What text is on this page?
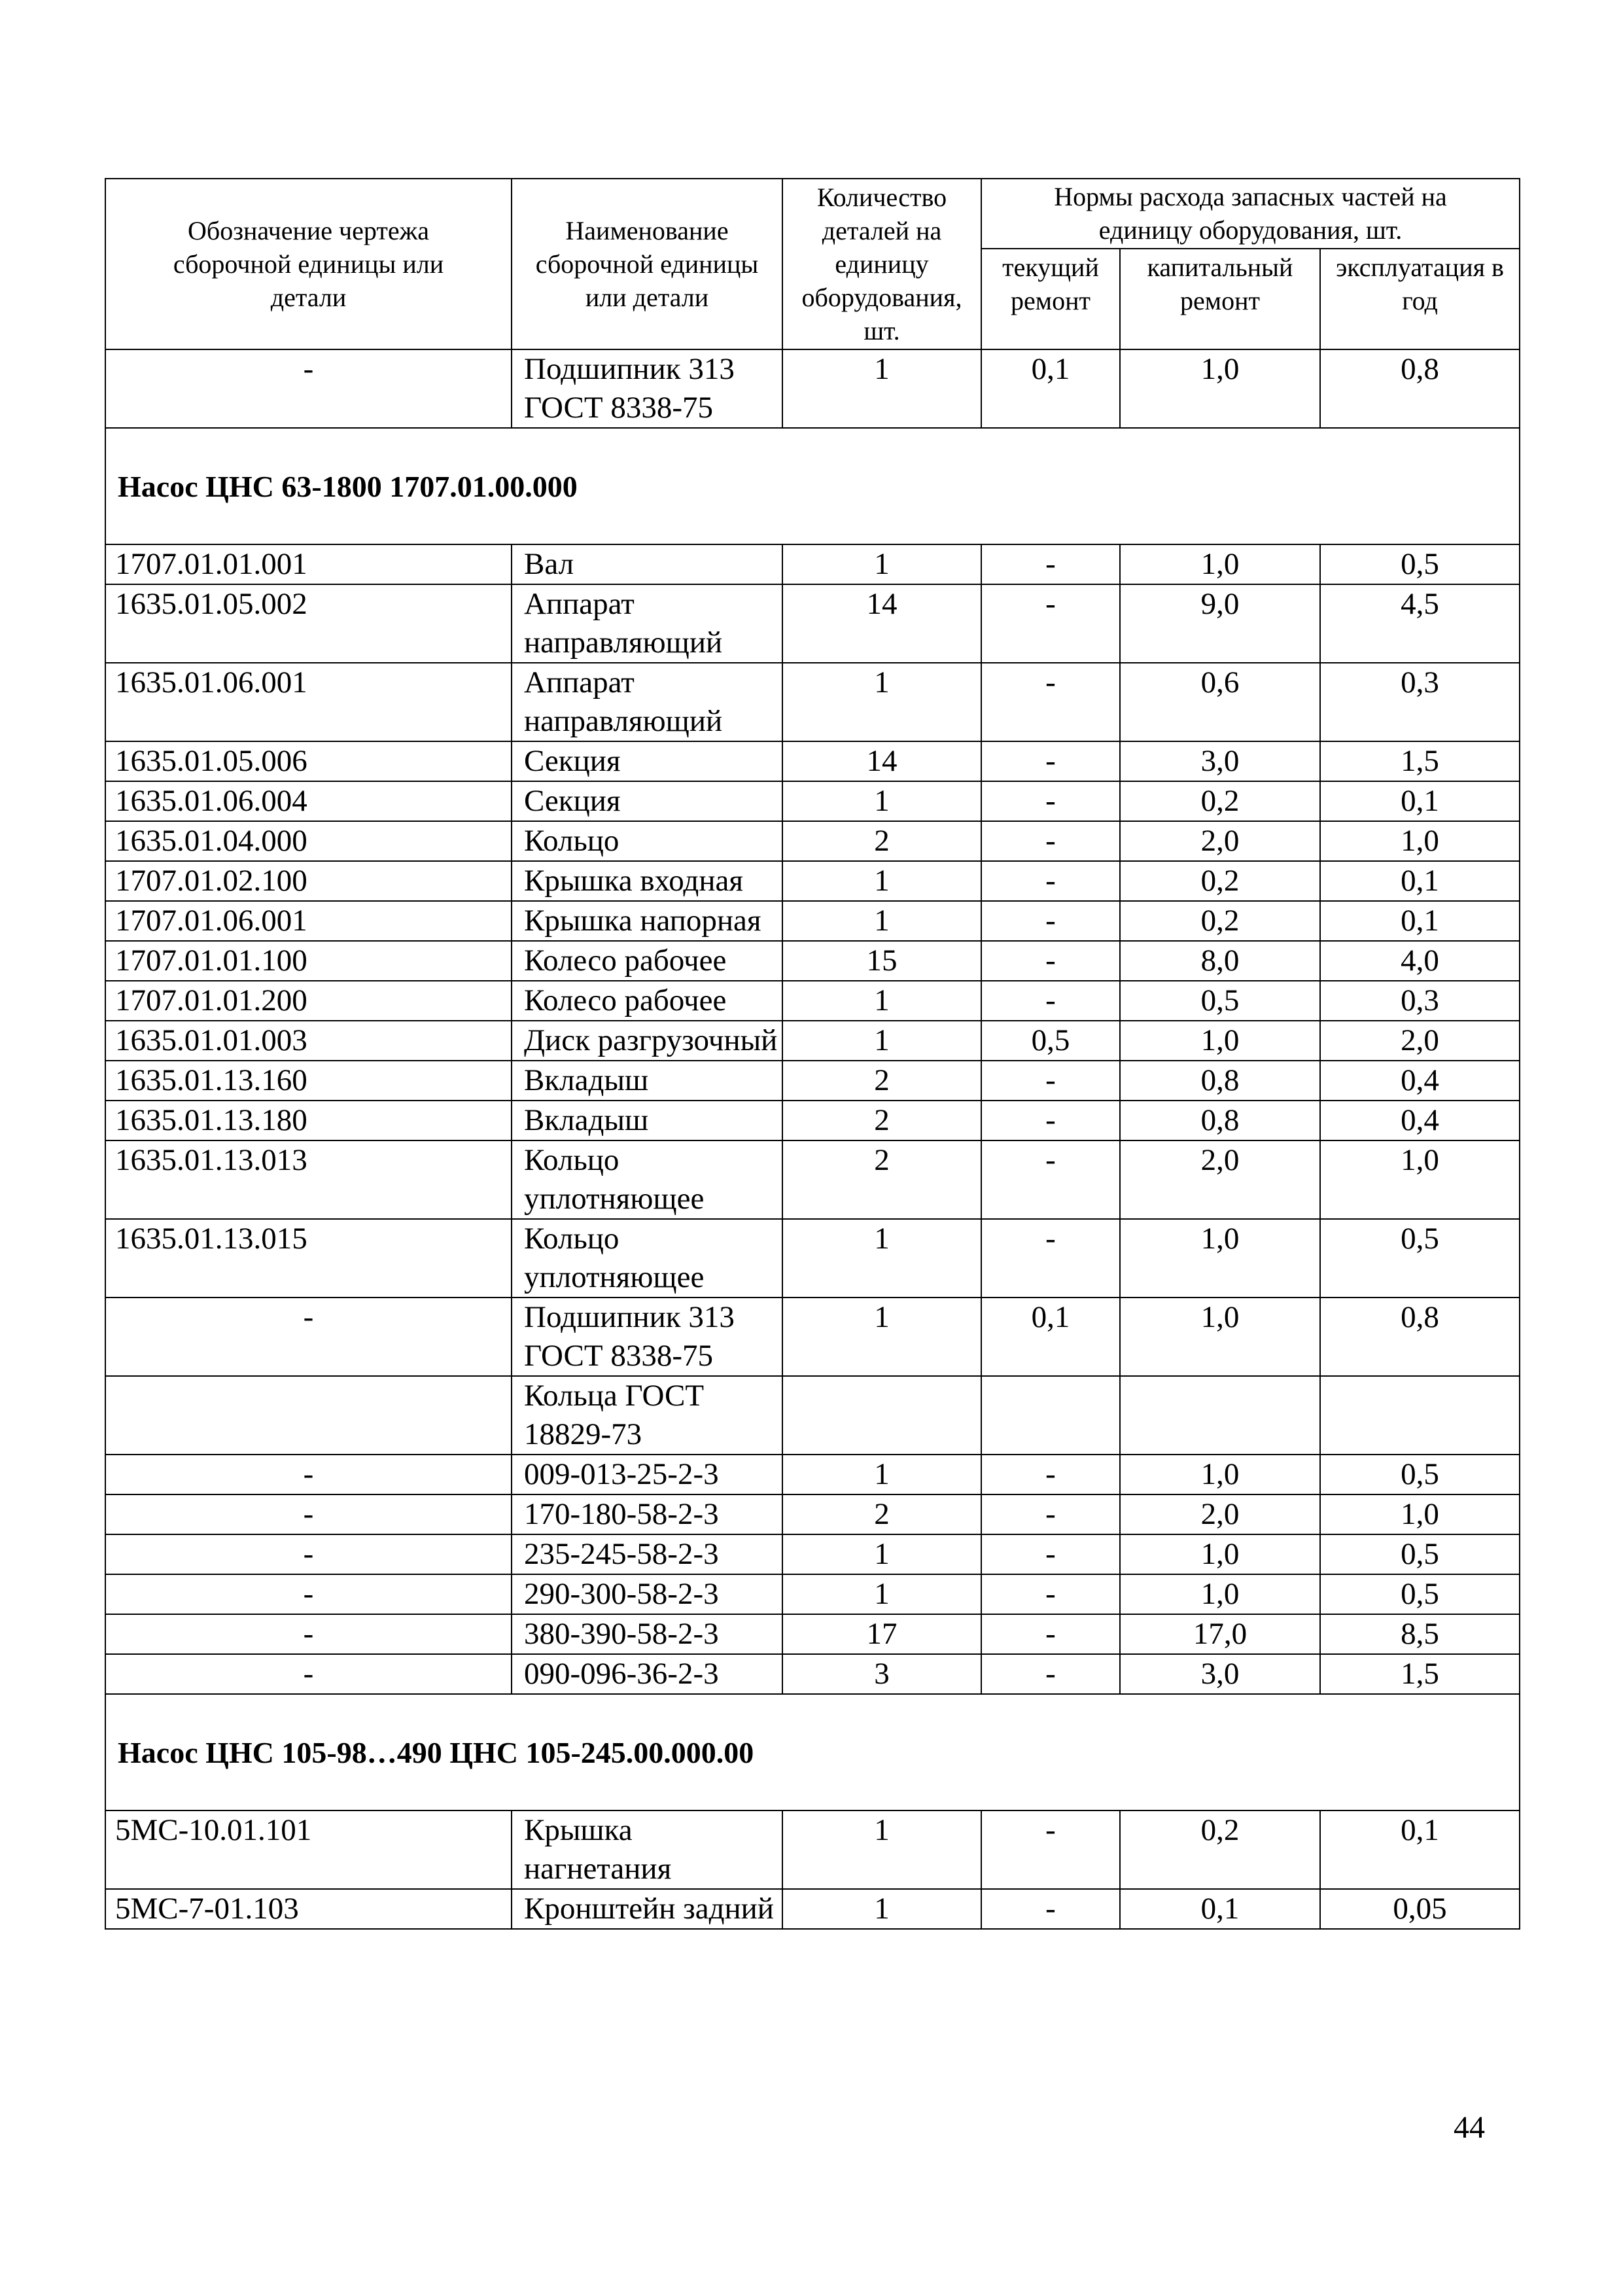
Обозначение чертежа сборочной единицы или детали	Наименование сборочной единицы или детали	Количество деталей на единицу оборудования, шт.	Нормы расхода запасных частей на единицу оборудования, шт.		
			текущий ремонт	капитальный ремонт	эксплуатация в год
-	Подшипник 313 ГОСТ 8338-75	1	0,1	1,0	0,8
Насос ЦНС 63-1800 1707.01.00.000					
1707.01.01.001	Вал	1	-	1,0	0,5
1635.01.05.002	Аппарат направляющий	14	-	9,0	4,5
1635.01.06.001	Аппарат направляющий	1	-	0,6	0,3
1635.01.05.006	Секция	14	-	3,0	1,5
1635.01.06.004	Секция	1	-	0,2	0,1
1635.01.04.000	Кольцо	2	-	2,0	1,0
1707.01.02.100	Крышка входная	1	-	0,2	0,1
1707.01.06.001	Крышка напорная	1	-	0,2	0,1
1707.01.01.100	Колесо рабочее	15	-	8,0	4,0
1707.01.01.200	Колесо рабочее	1	-	0,5	0,3
1635.01.01.003	Диск разгрузочный	1	0,5	1,0	2,0
1635.01.13.160	Вкладыш	2	-	0,8	0,4
1635.01.13.180	Вкладыш	2	-	0,8	0,4
1635.01.13.013	Кольцо уплотняющее	2	-	2,0	1,0
1635.01.13.015	Кольцо уплотняющее	1	-	1,0	0,5
-	Подшипник 313 ГОСТ 8338-75	1	0,1	1,0	0,8
	Кольца ГОСТ 18829-73				
-	009-013-25-2-3	1	-	1,0	0,5
-	170-180-58-2-3	2	-	2,0	1,0
-	235-245-58-2-3	1	-	1,0	0,5
-	290-300-58-2-3	1	-	1,0	0,5
-	380-390-58-2-3	17	-	17,0	8,5
-	090-096-36-2-3	3	-	3,0	1,5
Насос ЦНС 105-98…490 ЦНС 105-245.00.000.00					
5МС-10.01.101	Крышка нагнетания	1	-	0,2	0,1
5МС-7-01.103	Кронштейн задний	1	-	0,1	0,05
44
